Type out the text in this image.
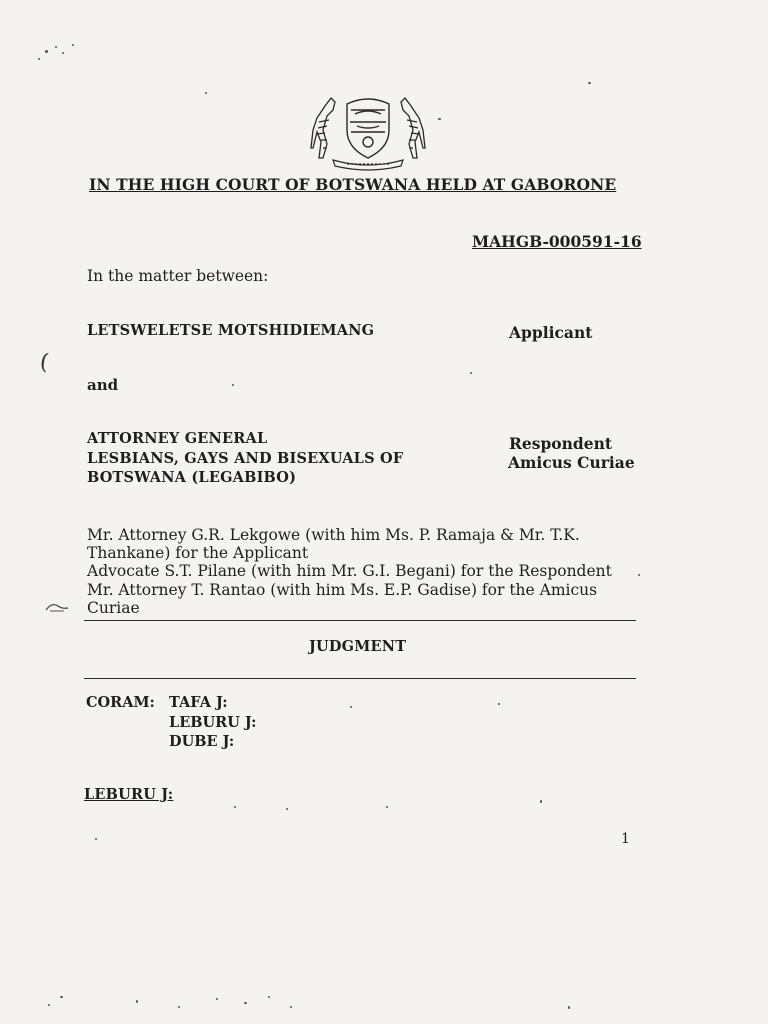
IN THE HIGH COURT OF BOTSWANA HELD AT GABORONE
MAHGB-000591-16
In the matter between:
LETSWELETSE MOTSHIDIEMANG	Applicant
(
and
ATTORNEY GENERAL
LESBIANS, GAYS AND BISEXUALS OF
BOTSWANA (LEGABIBO)
Respondent
Amicus Curiae
Mr. Attorney G.R. Lekgowe (with him Ms. P. Ramaja & Mr. T.K.
Thankane) for the Applicant
Advocate S.T. Pilane (with him Mr. G.I. Begani) for the Respondent
Mr. Attorney T. Rantao (with him Ms. E.P. Gadise) for the Amicus
Curiae
JUDGMENT
CORAM: TAFA J:
LEBURU J:
DUBE J:
LEBURU J:
1
